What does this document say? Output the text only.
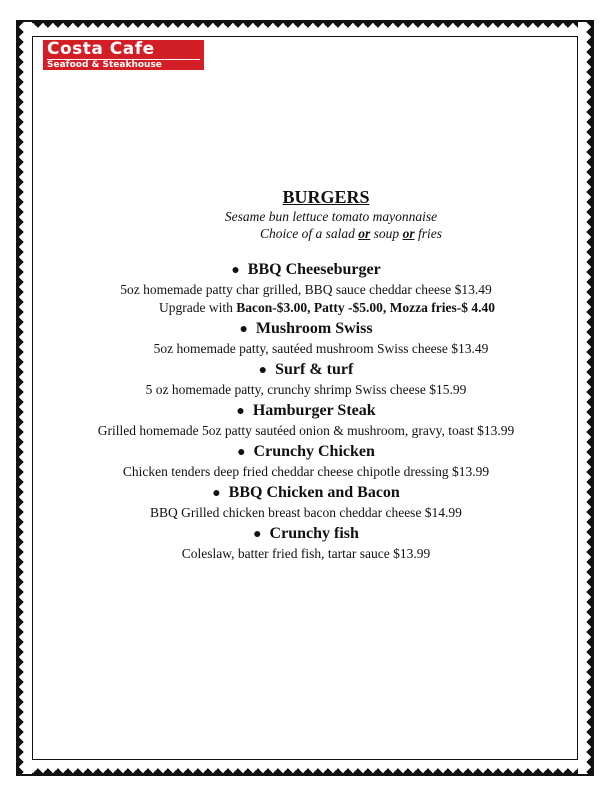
Costa Cafe
Seafood & Steakhouse

BURGERS

Sesame bun lettuce tomato mayonnaise

Choice of a salad or soup or fries

● BBQ Cheeseburger

5oz homemade patty char grilled, BBQ sauce cheddar cheese $13.49

Upgrade with Bacon-$3.00, Patty -$5.00, Mozza fries-$ 4.40

● Mushroom Swiss

5oz homemade patty, sautéed mushroom Swiss cheese $13.49

● Surf & turf

5 oz homemade patty, crunchy shrimp Swiss cheese $15.99

● Hamburger Steak

Grilled homemade 5oz patty sautéed onion & mushroom, gravy, toast $13.99

● Crunchy Chicken

Chicken tenders deep fried cheddar cheese chipotle dressing $13.99

● BBQ Chicken and Bacon

BBQ Grilled chicken breast bacon cheddar cheese $14.99

● Crunchy fish

Coleslaw, batter fried fish, tartar sauce $13.99
